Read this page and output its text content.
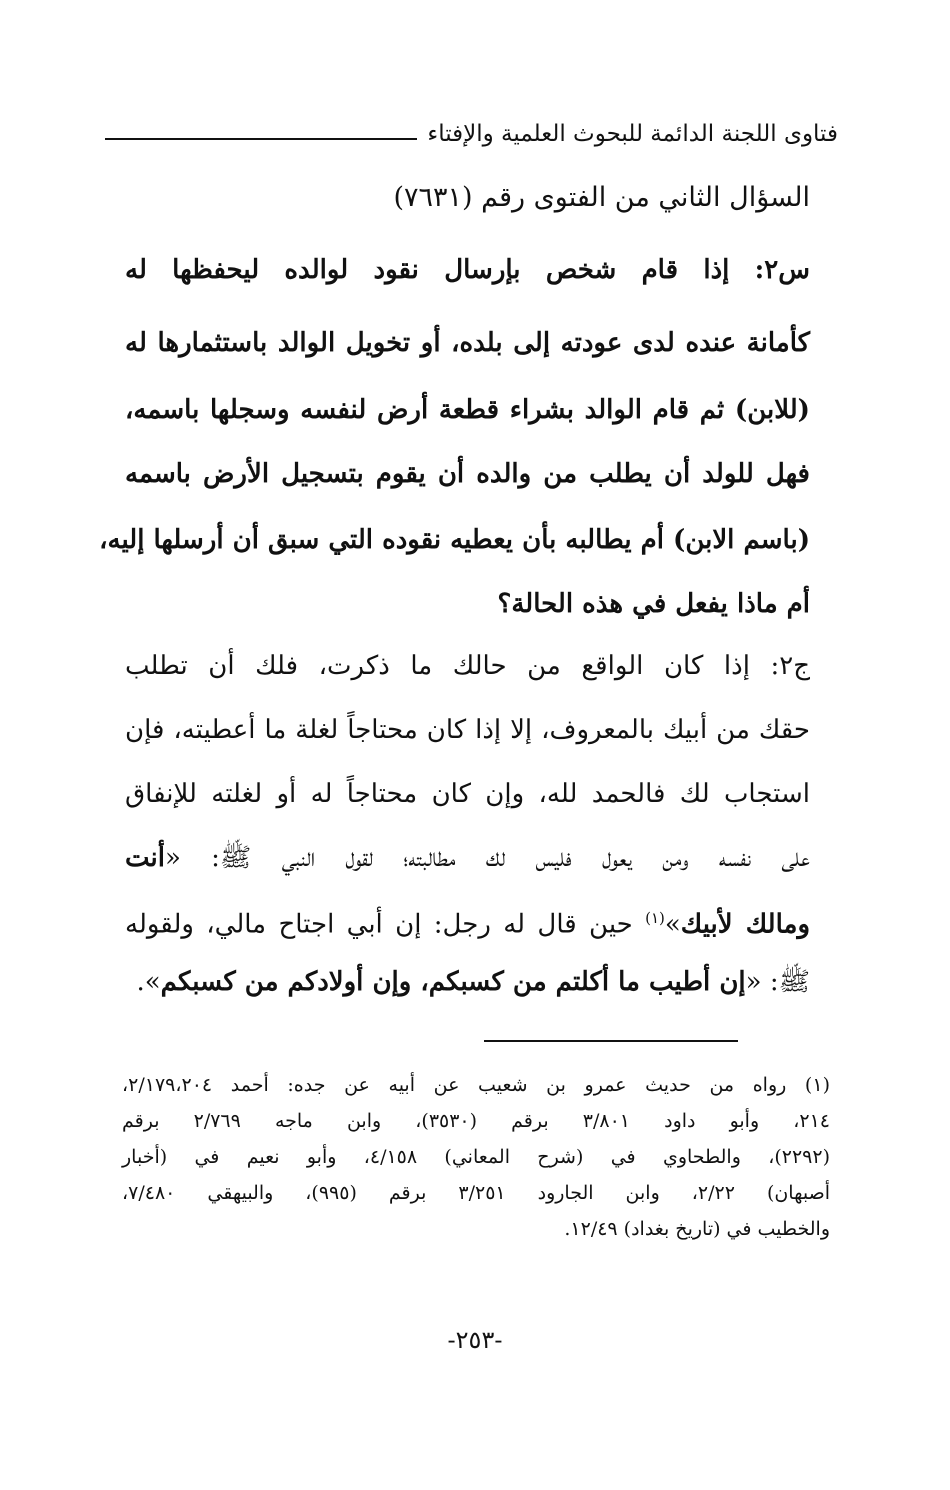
فتاوى اللجنة الدائمة للبحوث العلمية والإفتاء
السؤال الثاني من الفتوى رقم (٧٦٣١)
س٢: إذا قام شخص بإرسال نقود لوالده ليحفظها له
كأمانة عنده لدى عودته إلى بلده، أو تخويل الوالد باستثمارها له
(للابن) ثم قام الوالد بشراء قطعة أرض لنفسه وسجلها باسمه،
فهل للولد أن يطلب من والده أن يقوم بتسجيل الأرض باسمه
(باسم الابن) أم يطالبه بأن يعطيه نقوده التي سبق أن أرسلها إليه،
أم ماذا يفعل في هذه الحالة؟
ج٢: إذا كان الواقع من حالك ما ذكرت، فلك أن تطلب
حقك من أبيك بالمعروف، إلا إذا كان محتاجاً لغلة ما أعطيته، فإن
استجاب لك فالحمد لله، وإن كان محتاجاً له أو لغلته للإنفاق
على نفسه ومن يعول فليس لك مطالبته؛ لقول النبي ﷺ: «أنت
ومالك لأبيك»$^{(١)}$ حين قال له رجل: إن أبي اجتاح مالي، ولقوله
ﷺ: «إن أطيب ما أكلتم من كسبكم، وإن أولادكم من كسبكم».
(١) رواه من حديث عمرو بن شعيب عن أبيه عن جده: أحمد ٢/١٧٩،٢٠٤،
٢١٤، وأبو داود ٣/٨٠١ برقم (٣٥٣٠)، وابن ماجه ٢/٧٦٩ برقم
(٢٢٩٢)، والطحاوي في (شرح المعاني) ٤/١٥٨، وأبو نعيم في (أخبار
أصبهان) ٢/٢٢، وابن الجارود ٣/٢٥١ برقم (٩٩٥)، والبيهقي ٧/٤٨٠،
والخطيب في (تاريخ بغداد) ١٢/٤٩.
-٢٥٣-
